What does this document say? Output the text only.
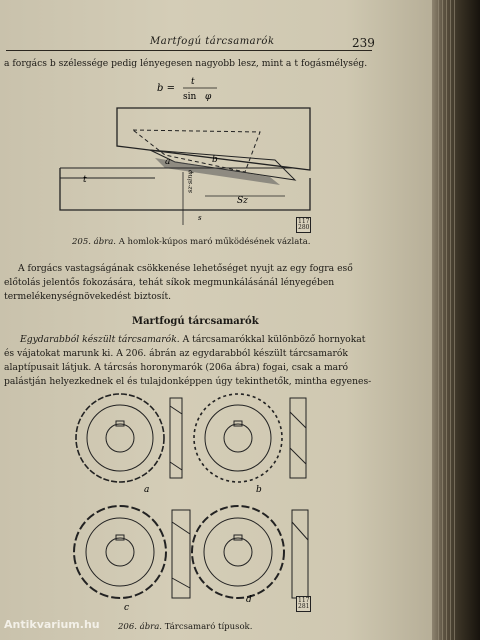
Martfogú tárcsamarók	239
a forgács b szélessége pedig lényegesen nagyobb lesz, mint a t fogásmélység.
b =
t
sin φ
a
t
b
Sz
s
sz·sinφ
117
280
205. ábra. A homlok-kúpos maró működésének vázlata.
A forgács vastagságának csökkenése lehetőséget nyujt az egy fogra eső
előtolás jelentős fokozására, tehát síkok megmunkálásánál lényegében
termelékenységnövekedést biztosít.
Martfogú tárcsamarók
Egydarabból készült tárcsamarók. A tárcsamarókkal különböző hornyokat
és vájatokat marunk ki. A 206. ábrán az egydarabból készült tárcsamarók
alaptípusait látjuk. A tárcsás horonymarók (206a ábra) fogai, csak a maró
palástján helyezkednek el és tulajdonképpen úgy tekinthetők, mintha egyenes-
a	b
c
d	117
281
206. ábra. Tárcsamaró típusok.
Antikvarium.hu
